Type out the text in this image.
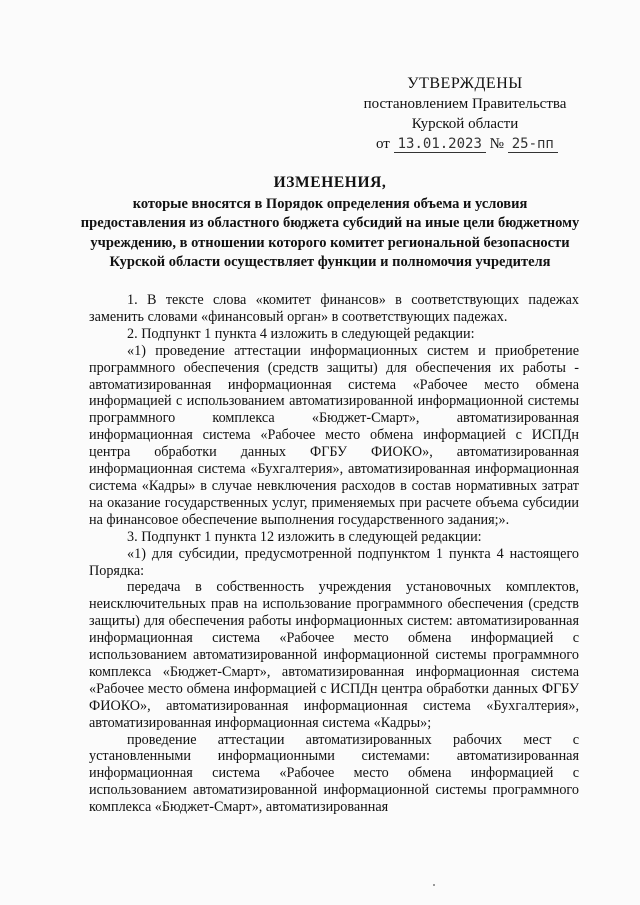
УТВЕРЖДЕНЫ
постановлением Правительства
Курской области
от 13.01.2023 № 25-пп
ИЗМЕНЕНИЯ,
которые вносятся в Порядок определения объема и условия предоставления из областного бюджета субсидий на иные цели бюджетному учреждению, в отношении которого комитет региональной безопасности Курской области осуществляет функции и полномочия учредителя

1. В тексте слова «комитет финансов» в соответствующих падежах заменить словами «финансовый орган» в соответствующих падежах.

2. Подпункт 1 пункта 4 изложить в следующей редакции:

«1) проведение аттестации информационных систем и приобретение программного обеспечения (средств защиты) для обеспечения их работы - автоматизированная информационная система «Рабочее место обмена информацией с использованием автоматизированной информационной системы программного комплекса «Бюджет-Смарт», автоматизированная информационная система «Рабочее место обмена информацией с ИСПДн центра обработки данных ФГБУ ФИОКО», автоматизированная информационная система «Бухгалтерия», автоматизированная информационная система «Кадры» в случае невключения расходов в состав нормативных затрат на оказание государственных услуг, применяемых при расчете объема субсидии на финансовое обеспечение выполнения государственного задания;».

3. Подпункт 1 пункта 12 изложить в следующей редакции:

«1) для субсидии, предусмотренной подпунктом 1 пункта 4 настоящего Порядка:

передача в собственность учреждения установочных комплектов, неисключительных прав на использование программного обеспечения (средств защиты) для обеспечения работы информационных систем: автоматизированная информационная система «Рабочее место обмена информацией с использованием автоматизированной информационной системы программного комплекса «Бюджет-Смарт», автоматизированная информационная система «Рабочее место обмена информацией с ИСПДн центра обработки данных ФГБУ ФИОКО», автоматизированная информационная система «Бухгалтерия», автоматизированная информационная система «Кадры»;

проведение аттестации автоматизированных рабочих мест с установленными информационными системами: автоматизированная информационная система «Рабочее место обмена информацией с использованием автоматизированной информационной системы программного комплекса «Бюджет-Смарт», автоматизированная
